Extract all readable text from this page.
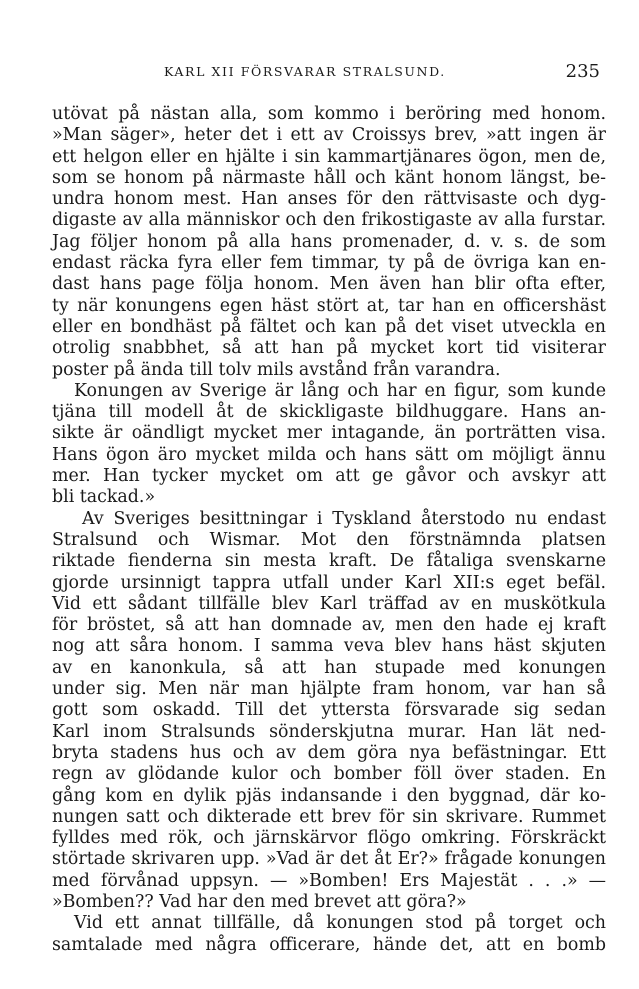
KARL XII FÖRSVARAR STRALSUND.	235
utövat på nästan alla, som kommo i beröring med honom.
»Man säger», heter det i ett av Croissys brev, »att ingen är
ett helgon eller en hjälte i sin kammartjänares ögon, men de,
som se honom på närmaste håll och känt honom längst, be-
undra honom mest. Han anses för den rättvisaste och dyg-
digaste av alla människor och den frikostigaste av alla furstar.
Jag följer honom på alla hans promenader, d. v. s. de som
endast räcka fyra eller fem timmar, ty på de övriga kan en-
dast hans page följa honom. Men även han blir ofta efter,
ty när konungens egen häst stört at, tar han en officershäst
eller en bondhäst på fältet och kan på det viset utveckla en
otrolig snabbhet, så att han på mycket kort tid visiterar
poster på ända till tolv mils avstånd från varandra.
Konungen av Sverige är lång och har en figur, som kunde
tjäna till modell åt de skickligaste bildhuggare. Hans an-
sikte är oändligt mycket mer intagande, än porträtten visa.
Hans ögon äro mycket milda och hans sätt om möjligt ännu
mer. Han tycker mycket om att ge gåvor och avskyr att
bli tackad.»
Av Sveriges besittningar i Tyskland återstodo nu endast
Stralsund och Wismar. Mot den förstnämnda platsen
riktade fienderna sin mesta kraft. De fåtaliga svenskarne
gjorde ursinnigt tappra utfall under Karl XII:s eget befäl.
Vid ett sådant tillfälle blev Karl träffad av en muskötkula
för bröstet, så att han domnade av, men den hade ej kraft
nog att såra honom. I samma veva blev hans häst skjuten
av en kanonkula, så att han stupade med konungen
under sig. Men när man hjälpte fram honom, var han så
gott som oskadd. Till det yttersta försvarade sig sedan
Karl inom Stralsunds sönderskjutna murar. Han lät ned-
bryta stadens hus och av dem göra nya befästningar. Ett
regn av glödande kulor och bomber föll över staden. En
gång kom en dylik pjäs indansande i den byggnad, där ko-
nungen satt och dikterade ett brev för sin skrivare. Rummet
fylldes med rök, och järnskärvor flögo omkring. Förskräckt
störtade skrivaren upp. »Vad är det åt Er?» frågade konungen
med förvånad uppsyn. — »Bomben! Ers Majestät . . .» —
»Bomben?? Vad har den med brevet att göra?»
Vid ett annat tillfälle, då konungen stod på torget och
samtalade med några officerare, hände det, att en bomb
